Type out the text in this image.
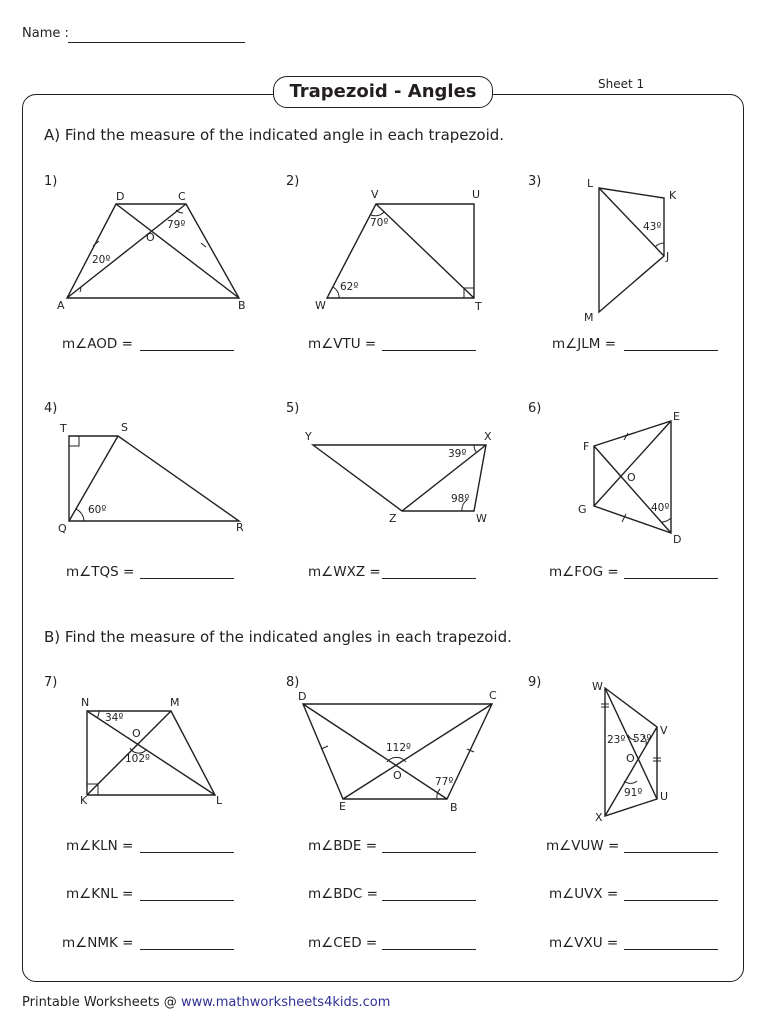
Name :
Trapezoid - Angles	Sheet 1
A) Find the measure of the indicated angle in each trapezoid.
B) Find the measure of the indicated angles in each trapezoid.
1)	2)	3)
4)	5)	6)
7)	8)	9)
m∠AOD =	m∠VTU =	m∠JLM =
m∠TQS =	m∠WXZ =	m∠FOG =
m∠KLN =
m∠KNL =
m∠NMK =
m∠BDE =
m∠BDC =
m∠CED =
m∠VUW =
m∠UVX =
m∠VXU =
D	C
O
A	B
79º
20º
V	U
W	T
70º
62º
L
K
J
M
43º
T	S
Q	R
60º
Y	X
Z	W
39º
98º
E
F
O
G
D
40º
N	M
O
K	L
34º
102º
D	C
O
E	B
112º
77º
W
V
O
U
X
23º 52º
91º
Printable Worksheets @ www.mathworksheets4kids.com
